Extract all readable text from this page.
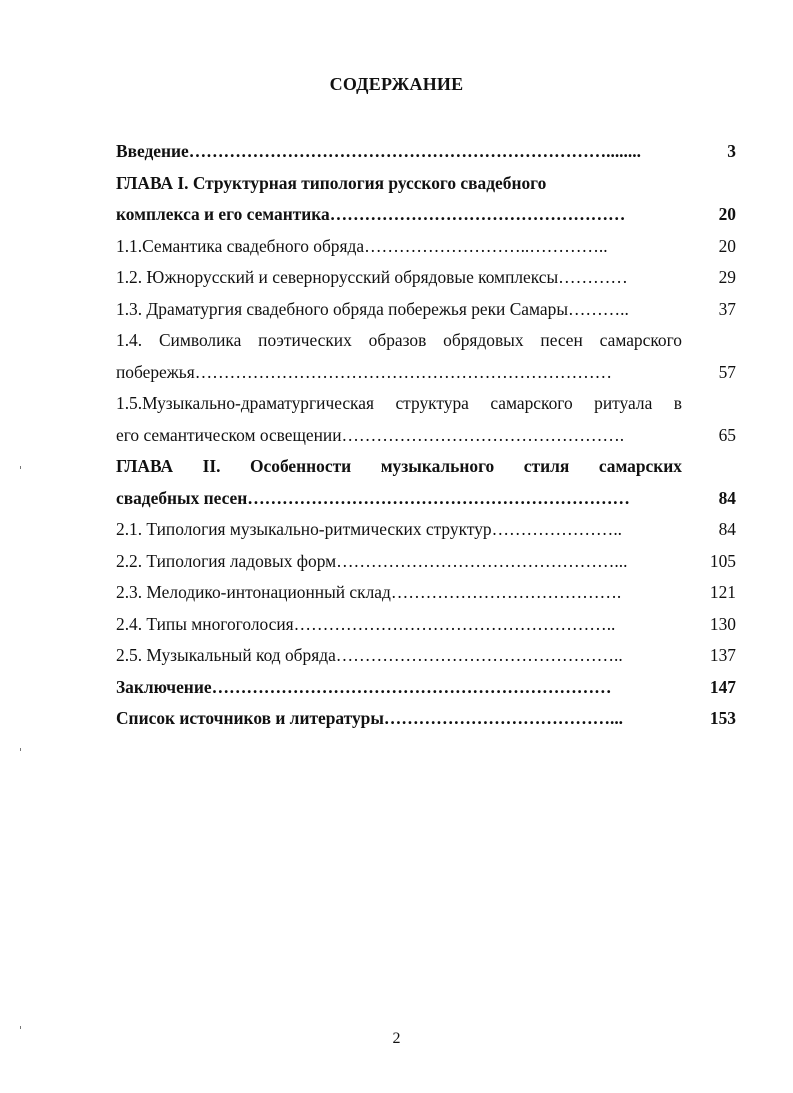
СОДЕРЖАНИЕ
Введение………………………………………………………………........	3
ГЛАВА I. Структурная типология русского свадебного
комплекса и его семантика……………………………………………	20
1.1.Семантика свадебного обряда………………………..…………..	20
1.2. Южнорусский и севернорусский обрядовые комплексы…………	29
1.3. Драматургия свадебного обряда побережья реки Самары………..	37
1.4. Символика поэтических образов обрядовых песен самарского
побережья………………………………………………………………	57
1.5.Музыкально-драматургическая структура самарского ритуала в
его семантическом освещении………………………………………….	65
ГЛАВА II. Особенности музыкального стиля самарских
свадебных песен…………………………………………………………	84
2.1. Типология музыкально-ритмических структур…………………..	84
2.2. Типология ладовых форм…………………………………………...	105
2.3. Мелодико-интонационный склад………………………………….	121
2.4. Типы многоголосия………………………………………………..	130
2.5. Музыкальный код обряда…………………………………………..	137
Заключение……………………………………………………………	147
Список источников и литературы…………………………………...	153
2
